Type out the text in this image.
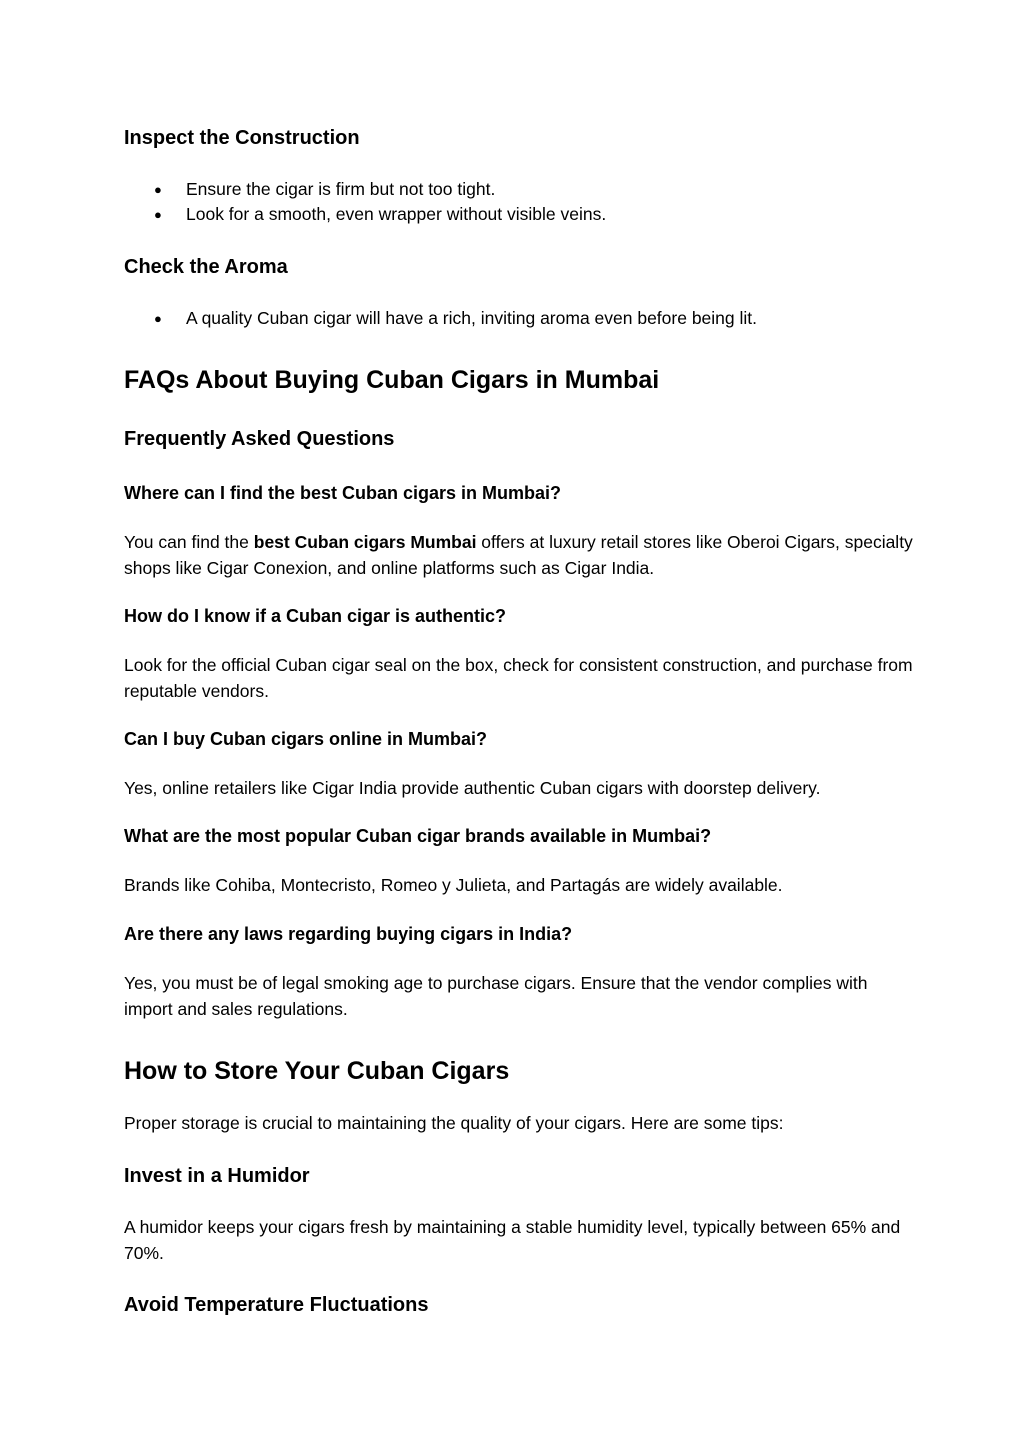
Inspect the Construction
● Ensure the cigar is firm but not too tight.
● Look for a smooth, even wrapper without visible veins.
Check the Aroma
● A quality Cuban cigar will have a rich, inviting aroma even before being lit.
FAQs About Buying Cuban Cigars in Mumbai
Frequently Asked Questions
Where can I find the best Cuban cigars in Mumbai?
You can find the best Cuban cigars Mumbai offers at luxury retail stores like Oberoi Cigars, specialty shops like Cigar Conexion, and online platforms such as Cigar India.
How do I know if a Cuban cigar is authentic?
Look for the official Cuban cigar seal on the box, check for consistent construction, and purchase from reputable vendors.
Can I buy Cuban cigars online in Mumbai?
Yes, online retailers like Cigar India provide authentic Cuban cigars with doorstep delivery.
What are the most popular Cuban cigar brands available in Mumbai?
Brands like Cohiba, Montecristo, Romeo y Julieta, and Partagás are widely available.
Are there any laws regarding buying cigars in India?
Yes, you must be of legal smoking age to purchase cigars. Ensure that the vendor complies with import and sales regulations.
How to Store Your Cuban Cigars
Proper storage is crucial to maintaining the quality of your cigars. Here are some tips:
Invest in a Humidor
A humidor keeps your cigars fresh by maintaining a stable humidity level, typically between 65% and 70%.
Avoid Temperature Fluctuations
